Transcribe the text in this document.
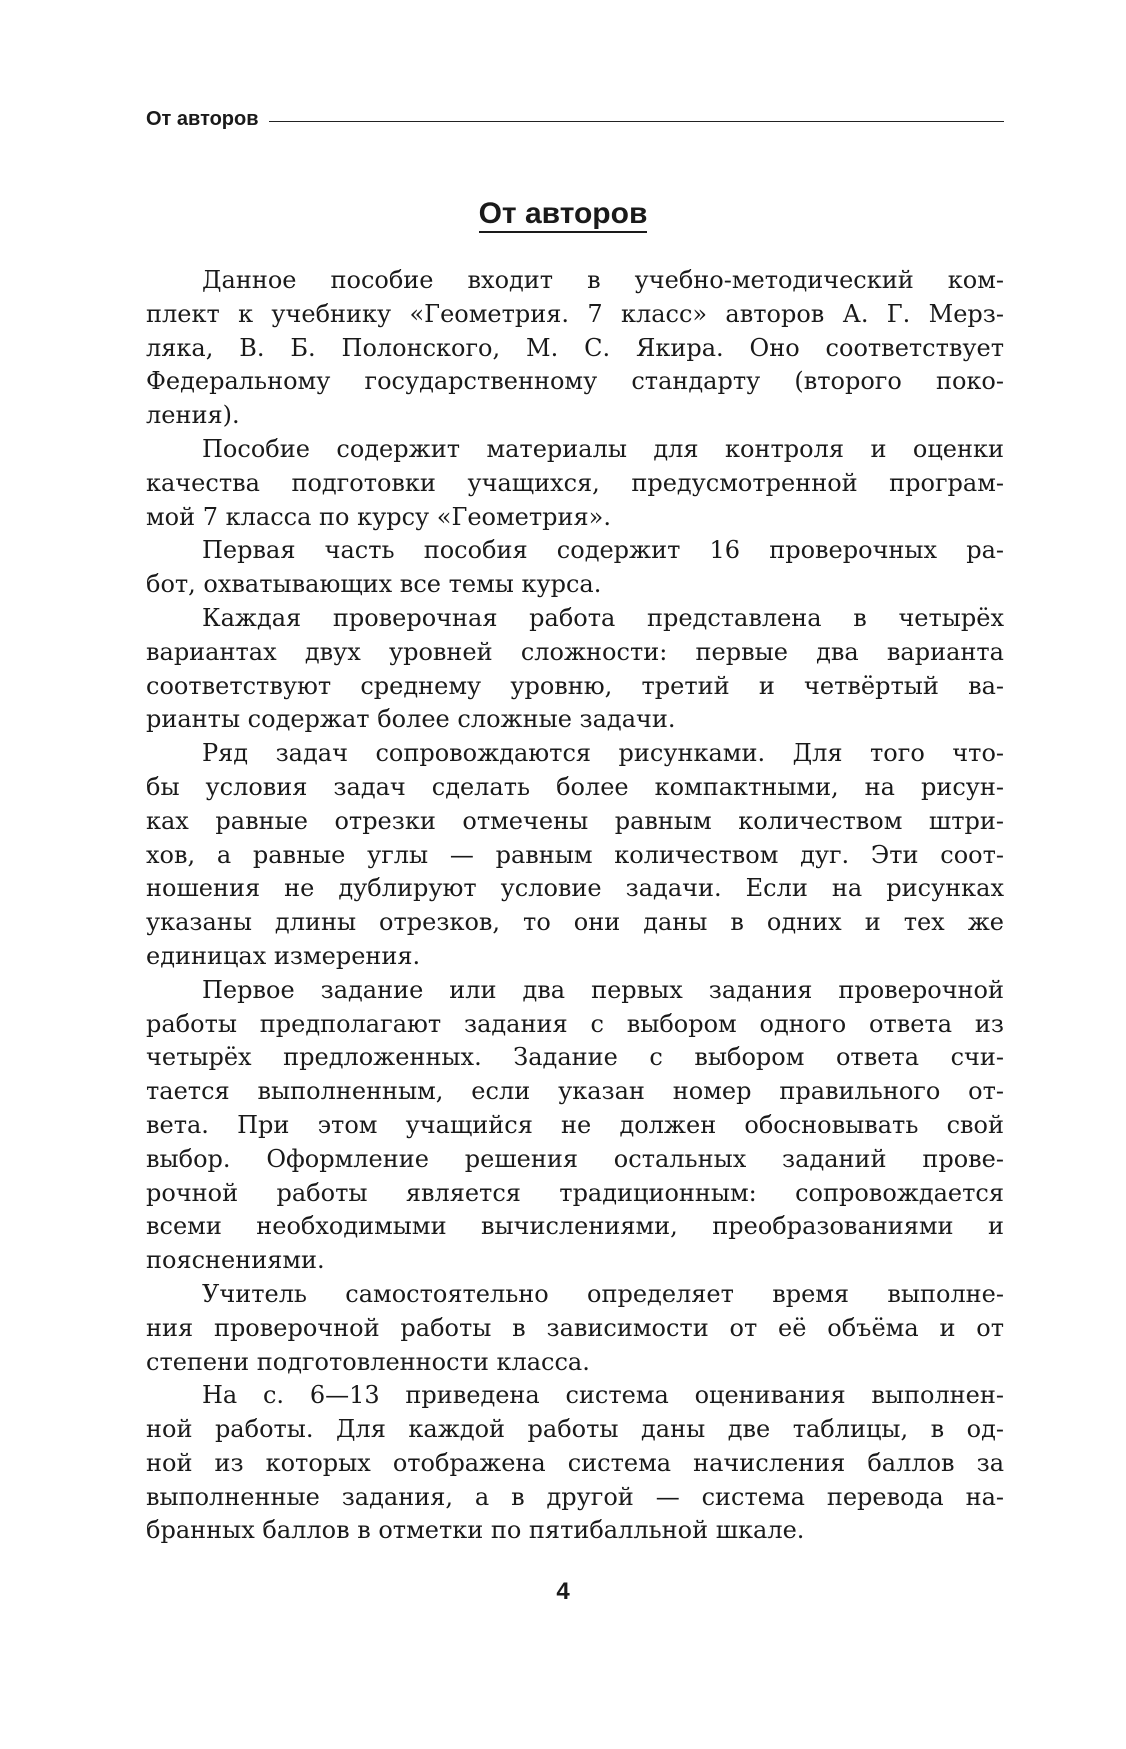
От авторов
От авторов

Данное пособие входит в учебно-методический ком-
плект к учебнику «Геометрия. 7 класс» авторов А. Г. Мерз-
ляка, В. Б. Полонского, М. С. Якира. Оно соответствует
Федеральному государственному стандарту (второго поко-
ления).

Пособие содержит материалы для контроля и оценки
качества подготовки учащихся, предусмотренной програм-
мой 7 класса по курсу «Геометрия».

Первая часть пособия содержит 16 проверочных ра-
бот, охватывающих все темы курса.

Каждая проверочная работа представлена в четырёх
вариантах двух уровней сложности: первые два варианта
соответствуют среднему уровню, третий и четвёртый ва-
рианты содержат более сложные задачи.

Ряд задач сопровождаются рисунками. Для того что-
бы условия задач сделать более компактными, на рисун-
ках равные отрезки отмечены равным количеством штри-
хов, а равные углы — равным количеством дуг. Эти соот-
ношения не дублируют условие задачи. Если на рисунках
указаны длины отрезков, то они даны в одних и тех же
единицах измерения.

Первое задание или два первых задания проверочной
работы предполагают задания с выбором одного ответа из
четырёх предложенных. Задание с выбором ответа счи-
тается выполненным, если указан номер правильного от-
вета. При этом учащийся не должен обосновывать свой
выбор. Оформление решения остальных заданий прове-
рочной работы является традиционным: сопровождается
всеми необходимыми вычислениями, преобразованиями и
пояснениями.

Учитель самостоятельно определяет время выполне-
ния проверочной работы в зависимости от её объёма и от
степени подготовленности класса.

На с. 6—13 приведена система оценивания выполнен-
ной работы. Для каждой работы даны две таблицы, в од-
ной из которых отображена система начисления баллов за
выполненные задания, а в другой — система перевода на-
бранных баллов в отметки по пятибалльной шкале.

4
